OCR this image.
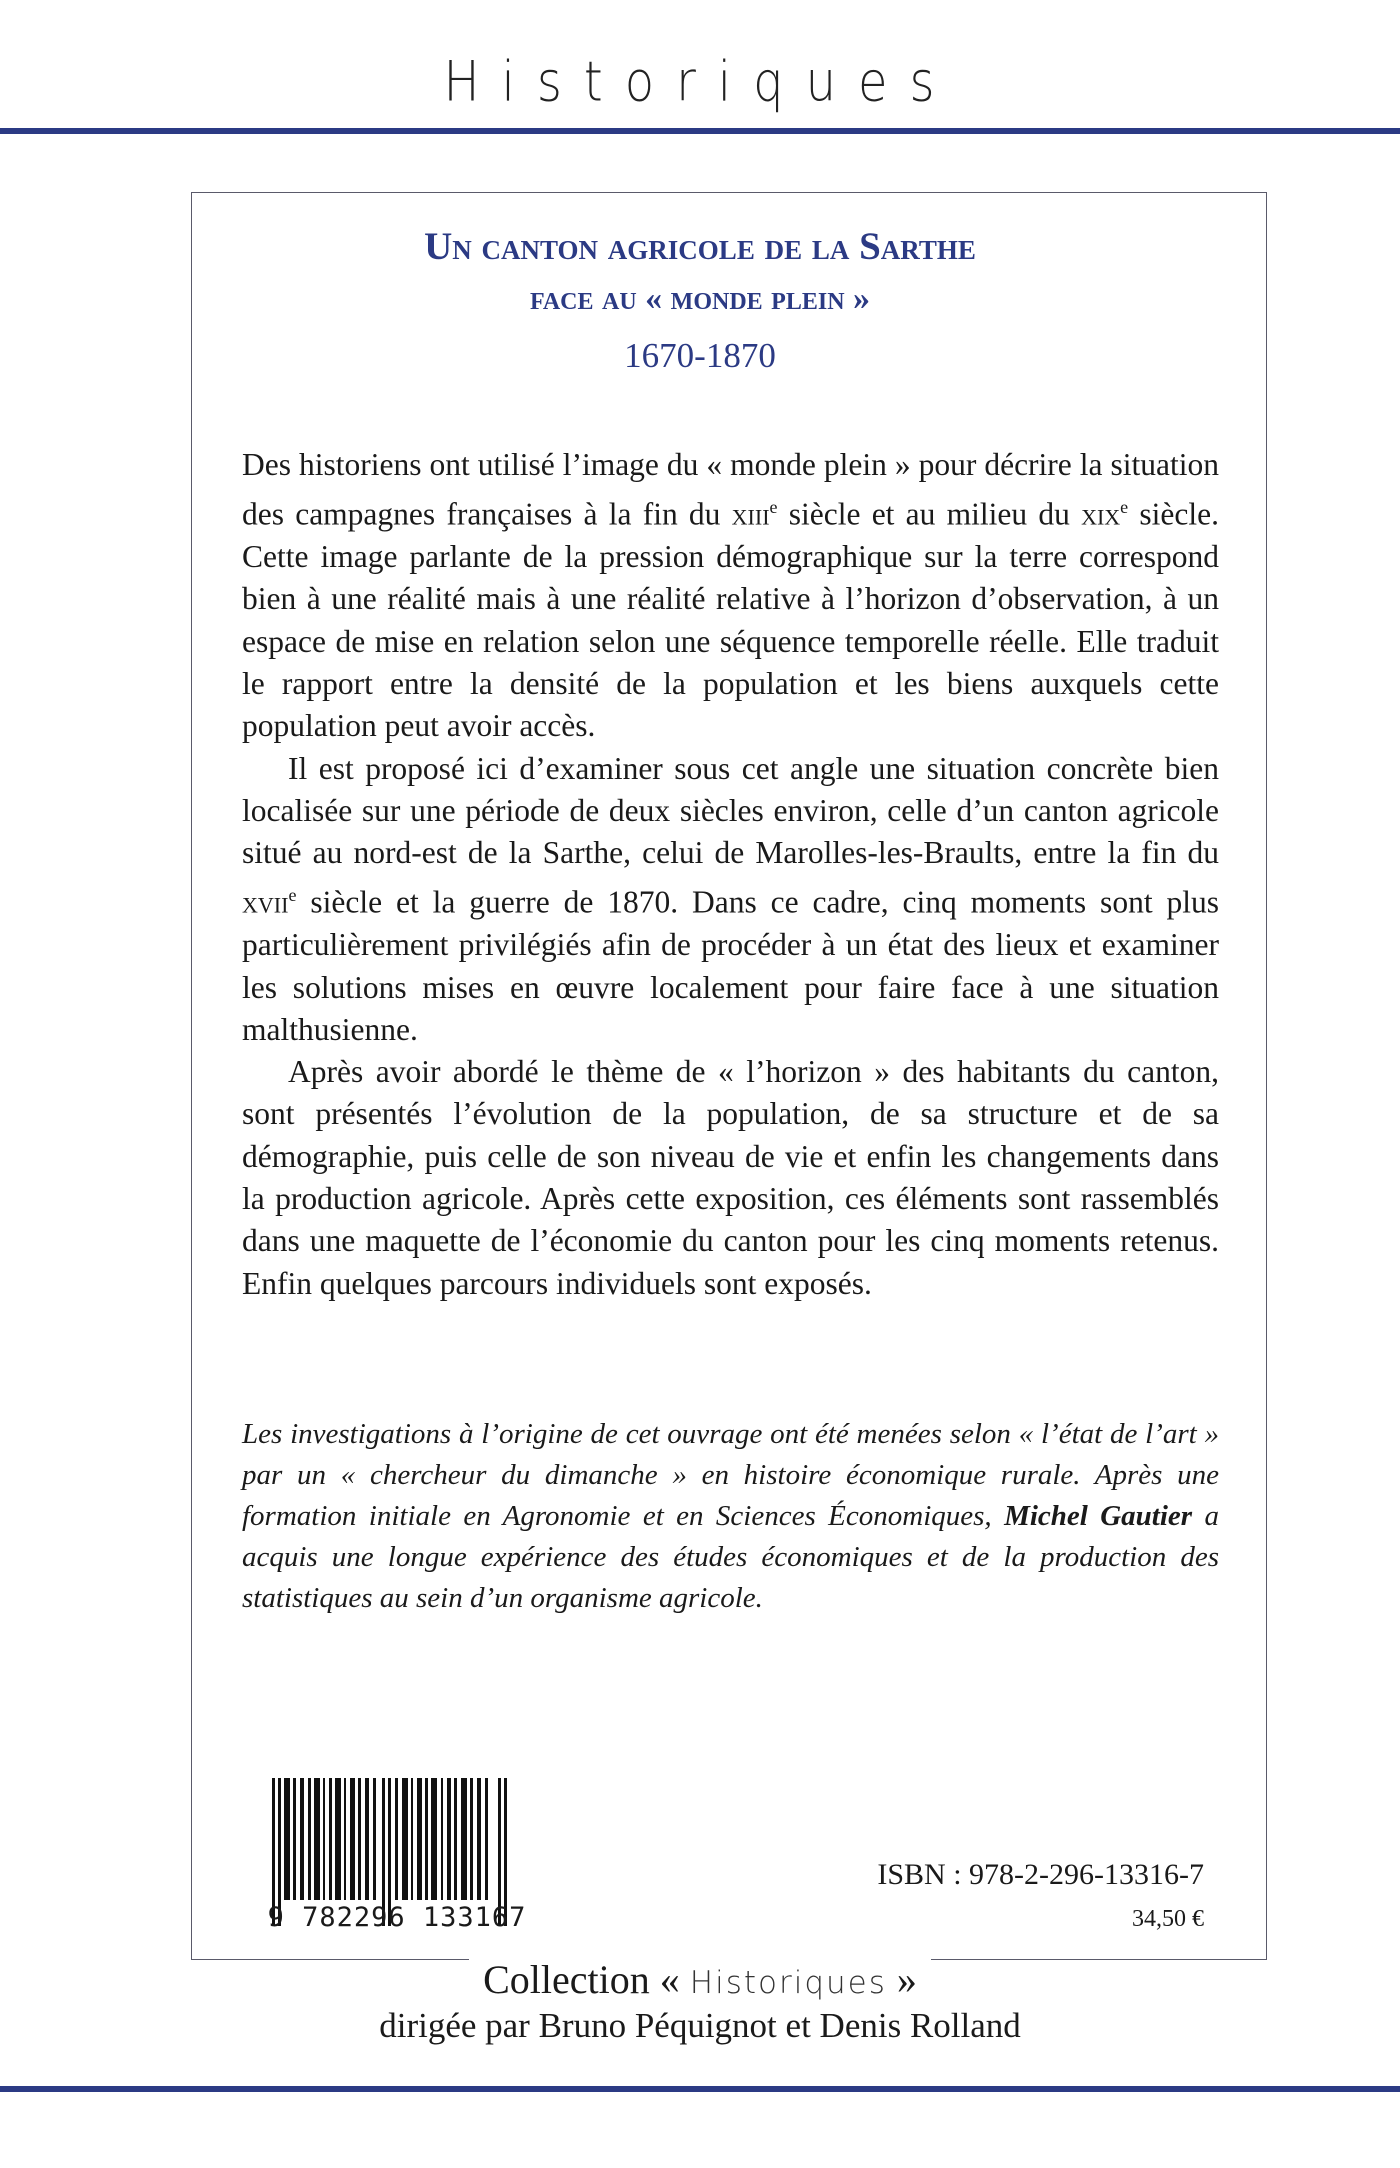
Historiques
Un canton agricole de la Sarthe
face au « monde plein »
1670-1870

Des historiens ont utilisé l’image du « monde plein » pour décrire la situation des campagnes françaises à la fin du xiii$^e$ siècle et au milieu du xix$^e$ siècle. Cette image parlante de la pression démographique sur la terre correspond bien à une réalité mais à une réalité relative à l’horizon d’observation, à un espace de mise en relation selon une séquence temporelle réelle. Elle traduit le rapport entre la densité de la population et les biens auxquels cette population peut avoir accès.

Il est proposé ici d’examiner sous cet angle une situation concrète bien localisée sur une période de deux siècles environ, celle d’un canton agricole situé au nord-est de la Sarthe, celui de Marolles-les-Braults, entre la fin du xvii$^e$ siècle et la guerre de 1870. Dans ce cadre, cinq moments sont plus particulièrement privilégiés afin de procéder à un état des lieux et examiner les solutions mises en œuvre localement pour faire face à une situation malthusienne.

Après avoir abordé le thème de « l’horizon » des habitants du canton, sont présentés l’évolution de la population, de sa structure et de sa démographie, puis celle de son niveau de vie et enfin les changements dans la production agricole. Après cette exposition, ces éléments sont rassemblés dans une maquette de l’économie du canton pour les cinq moments retenus. Enfin quelques parcours individuels sont exposés.

Les investigations à l’origine de cet ouvrage ont été menées selon « l’état de l’art » par un « chercheur du dimanche » en histoire économique rurale. Après une formation initiale en Agronomie et en Sciences Économiques, Michel Gautier a acquis une longue expérience des études économiques et de la production des statistiques au sein d’un organisme agricole.
9 782296 133167
ISBN : 978-2-296-13316-7
34,50 €
Collection « Historiques »
dirigée par Bruno Péquignot et Denis Rolland
